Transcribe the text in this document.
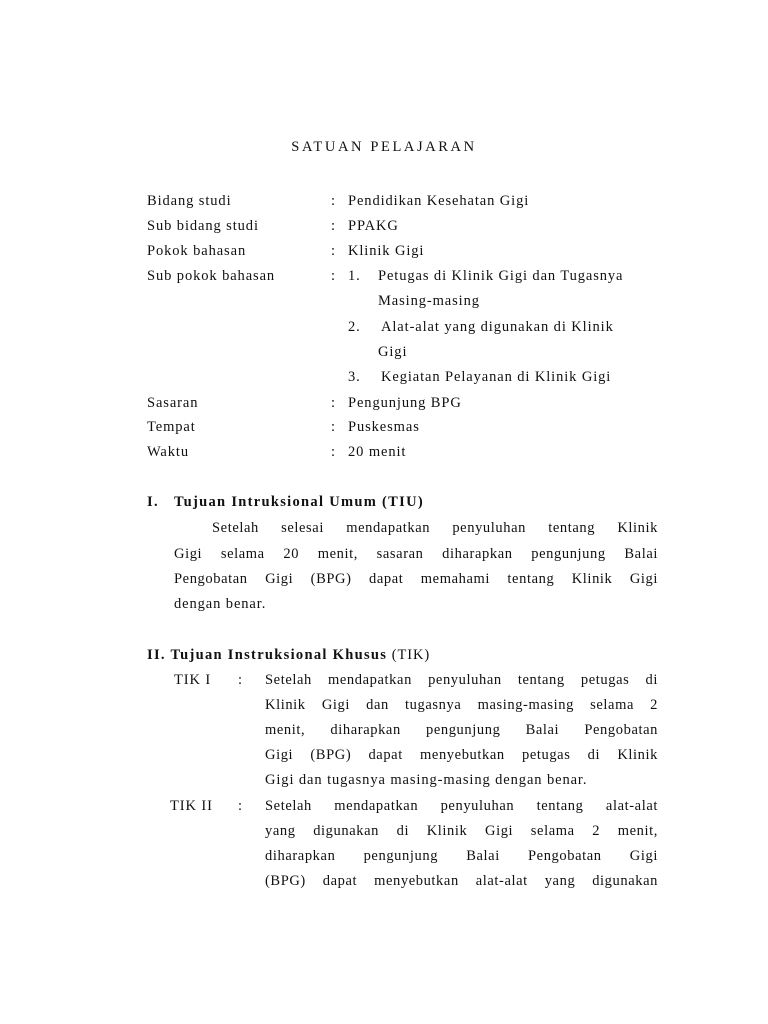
SATUAN PELAJARAN
Bidang studi	: Pendidikan Kesehatan Gigi
Sub bidang studi	: PPAKG
Pokok bahasan	: Klinik Gigi
Sub pokok bahasan	: 1. Petugas di Klinik Gigi dan Tugasnya
Masing-masing
2. Alat-alat yang digunakan di Klinik
Gigi
3. Kegiatan Pelayanan di Klinik Gigi
Sasaran	: Pengunjung BPG
Tempat	: Puskesmas
Waktu	: 20 menit
I. Tujuan Intruksional Umum (TIU)
Setelah selesai mendapatkan penyuluhan tentang Klinik
Gigi selama 20 menit, sasaran diharapkan pengunjung Balai
Pengobatan Gigi (BPG) dapat memahami tentang Klinik Gigi
dengan benar.
II. Tujuan Instruksional Khusus (TIK)
TIK I : Setelah mendapatkan penyuluhan tentang petugas di
Klinik Gigi dan tugasnya masing-masing selama 2
menit, diharapkan pengunjung Balai Pengobatan
Gigi (BPG) dapat menyebutkan petugas di Klinik
Gigi dan tugasnya masing-masing dengan benar.
TIK II : Setelah mendapatkan penyuluhan tentang alat-alat
yang digunakan di Klinik Gigi selama 2 menit,
diharapkan pengunjung Balai Pengobatan Gigi
(BPG) dapat menyebutkan alat-alat yang digunakan
